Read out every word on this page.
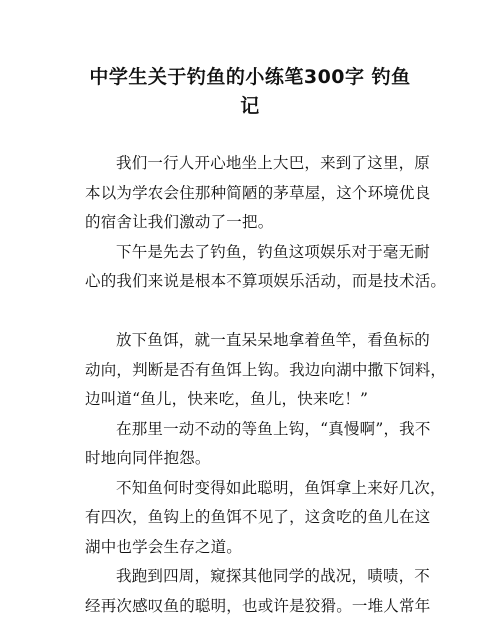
中学生关于钓鱼的小练笔300字 钓鱼
记
我们一行人开心地坐上大巴，来到了这里，原
本以为学农会住那种简陋的茅草屋，这个环境优良
的宿舍让我们激动了一把。
下午是先去了钓鱼，钓鱼这项娱乐对于毫无耐
心的我们来说是根本不算项娱乐活动，而是技术活。
放下鱼饵，就一直呆呆地拿着鱼竿，看鱼标的
动向，判断是否有鱼饵上钩。我边向湖中撒下饲料，
边叫道“鱼儿，快来吃，鱼儿，快来吃！”
在那里一动不动的等鱼上钩，“真慢啊”，我不
时地向同伴抱怨。
不知鱼何时变得如此聪明，鱼饵拿上来好几次，
有四次，鱼钩上的鱼饵不见了，这贪吃的鱼儿在这
湖中也学会生存之道。
我跑到四周，窥探其他同学的战况，啧啧，不
经再次感叹鱼的聪明，也或许是狡猾。一堆人常年
